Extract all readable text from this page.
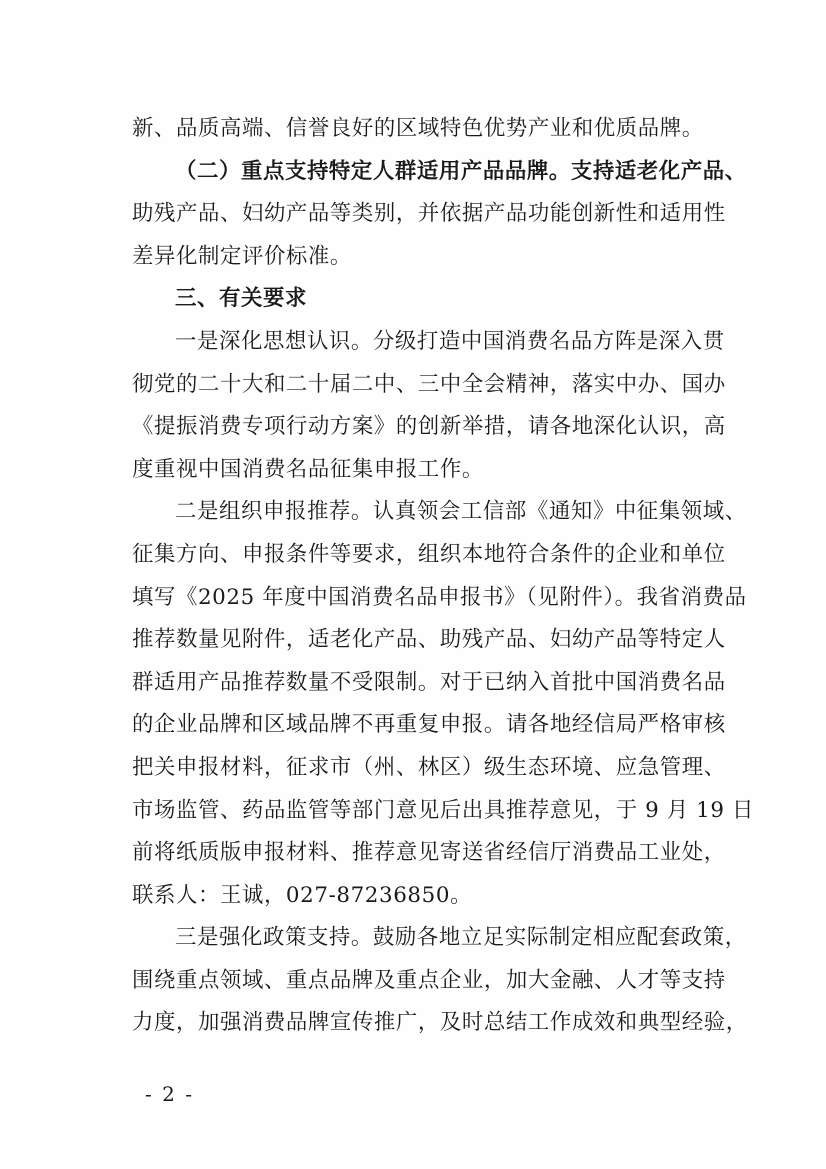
新、品质高端、信誉良好的区域特色优势产业和优质品牌。
（二）重点支持特定人群适用产品品牌。支持适老化产品、
助残产品、妇幼产品等类别，并依据产品功能创新性和适用性
差异化制定评价标准。
三、有关要求
一是深化思想认识。分级打造中国消费名品方阵是深入贯
彻党的二十大和二十届二中、三中全会精神，落实中办、国办
《提振消费专项行动方案》的创新举措，请各地深化认识，高
度重视中国消费名品征集申报工作。
二是组织申报推荐。认真领会工信部《通知》中征集领域、
征集方向、申报条件等要求，组织本地符合条件的企业和单位
填写《2025 年度中国消费名品申报书》（见附件）。我省消费品
推荐数量见附件，适老化产品、助残产品、妇幼产品等特定人
群适用产品推荐数量不受限制。对于已纳入首批中国消费名品
的企业品牌和区域品牌不再重复申报。请各地经信局严格审核
把关申报材料，征求市（州、林区）级生态环境、应急管理、
市场监管、药品监管等部门意见后出具推荐意见，于 9 月 19 日
前将纸质版申报材料、推荐意见寄送省经信厅消费品工业处，
联系人：王诚，027-87236850。
三是强化政策支持。鼓励各地立足实际制定相应配套政策，
围绕重点领域、重点品牌及重点企业，加大金融、人才等支持
力度，加强消费品牌宣传推广，及时总结工作成效和典型经验，
- 2 -
